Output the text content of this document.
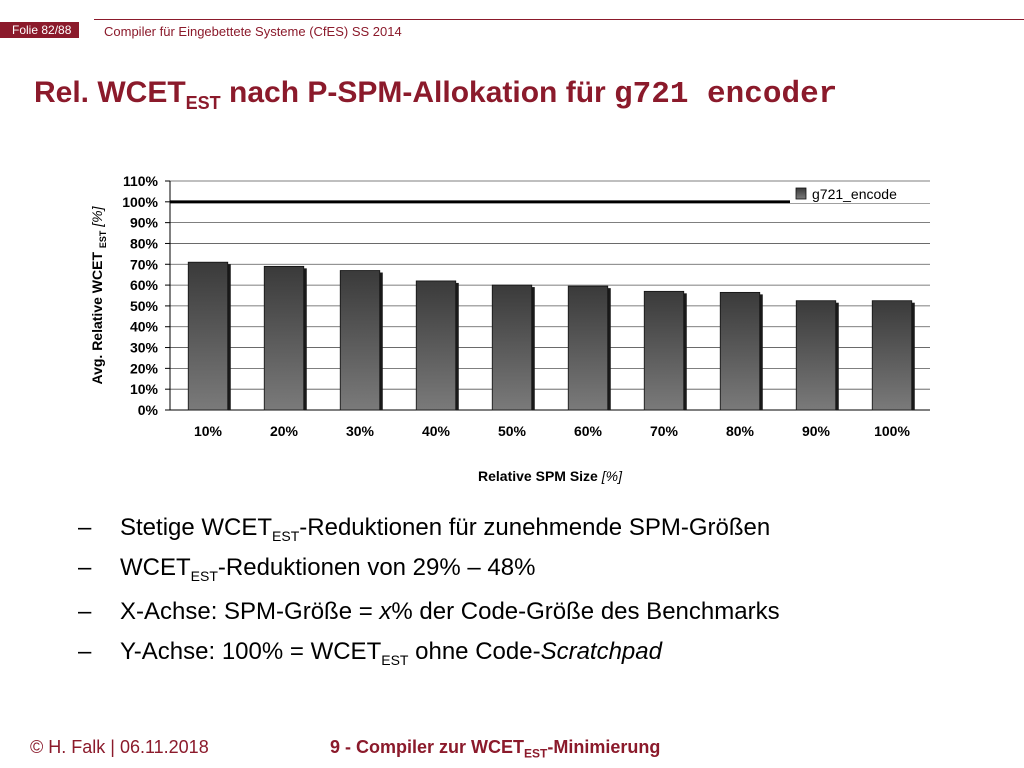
Folie 82/88	Compiler für Eingebettete Systeme (CfES) SS 2014
Rel. $WCET_{EST}$ nach P-SPM-Allokation für g721 encoder
0%
10%
20%
30%
40%
50%
60%
70%
80%
90%
100%
110%
10%	20%	30%	40%	50%	60%	70%	80%	90%	100%
g721_encode
Relative SPM Size [%]
Avg. Relative WCET $_{EST}$ [%]
–	Stetige $WCET_{EST}$-Reduktionen für zunehmende SPM-Größen
–	$WCET_{EST}$-Reduktionen von 29% – 48%
–	X-Achse: SPM-Größe = x% der Code-Größe des Benchmarks
–	Y-Achse: $100\% = WCET_{EST}$ ohne Code-Scratchpad
© H. Falk | 06.11.2018	9 - Compiler zur $WCET_{EST}$-Minimierung
